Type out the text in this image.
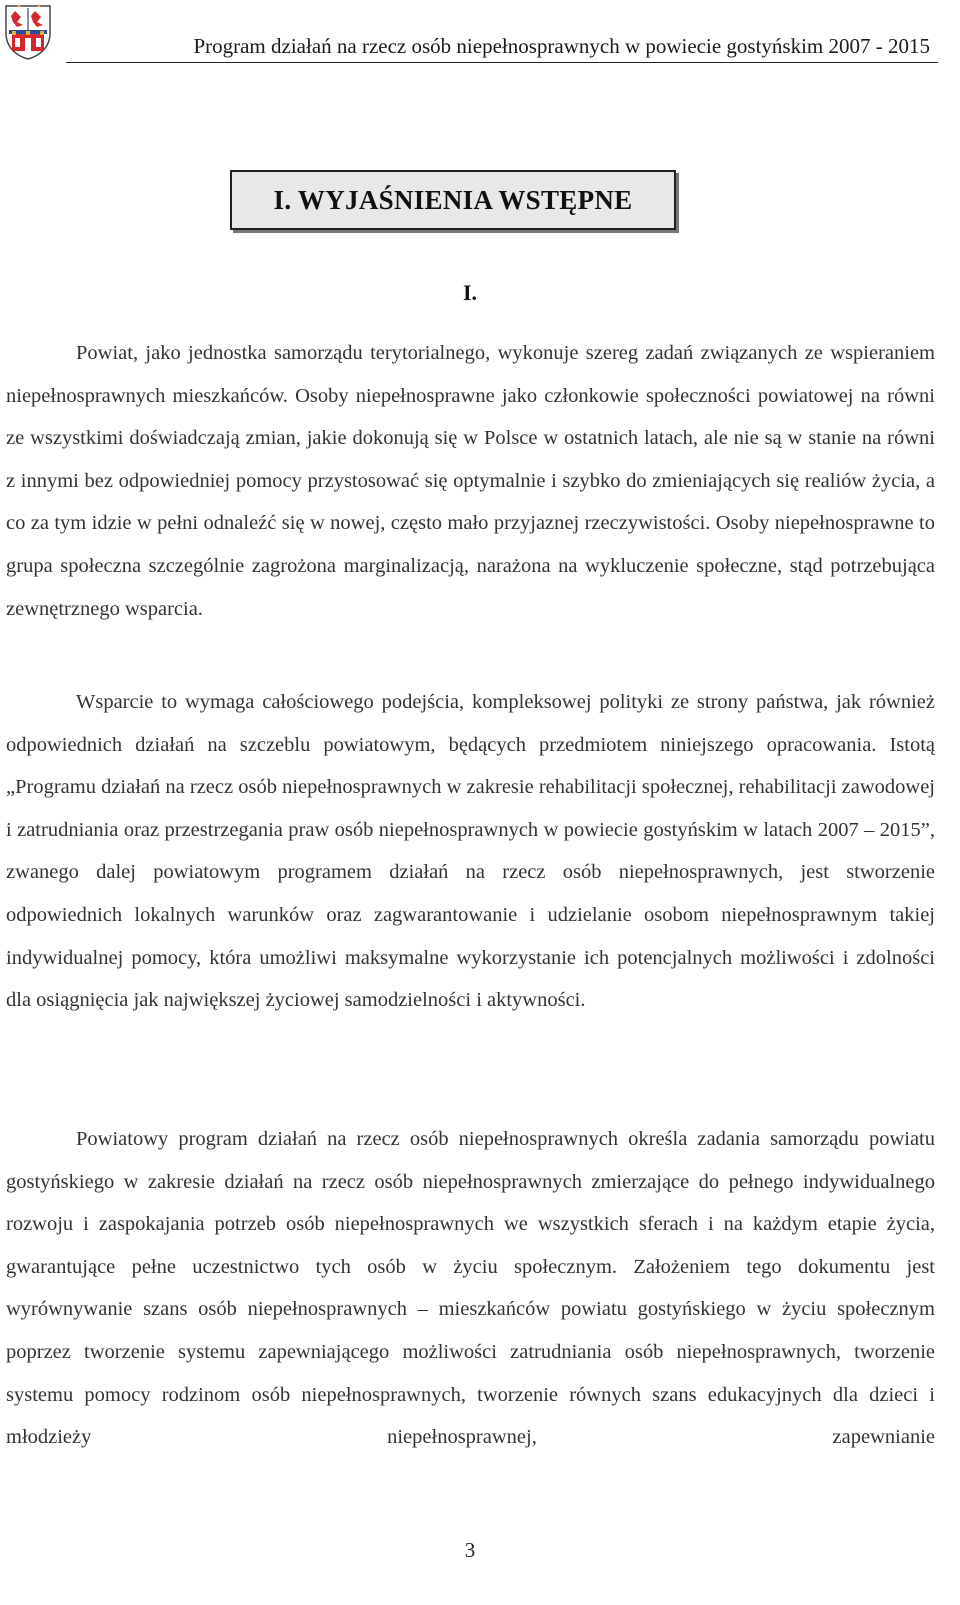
Program działań na rzecz osób niepełnosprawnych w powiecie gostyńskim 2007 - 2015
I. WYJAŚNIENIA WSTĘPNE
I.

Powiat, jako jednostka samorządu terytorialnego, wykonuje szereg zadań związanych ze wspieraniem niepełnosprawnych mieszkańców. Osoby niepełnosprawne jako członkowie społeczności powiatowej na równi ze wszystkimi doświadczają zmian, jakie dokonują się w Polsce w ostatnich latach, ale nie są w stanie na równi z innymi bez odpowiedniej pomocy przystosować się optymalnie i szybko do zmieniających się realiów życia, a co za tym idzie w pełni odnaleźć się w nowej, często mało przyjaznej rzeczywistości. Osoby niepełnosprawne to grupa społeczna szczególnie zagrożona marginalizacją, narażona na wykluczenie społeczne, stąd potrzebująca zewnętrznego wsparcia.

Wsparcie to wymaga całościowego podejścia, kompleksowej polityki ze strony państwa, jak również odpowiednich działań na szczeblu powiatowym, będących przedmiotem niniejszego opracowania. Istotą „Programu działań na rzecz osób niepełnosprawnych w zakresie rehabilitacji społecznej, rehabilitacji zawodowej i zatrudniania oraz przestrzegania praw osób niepełnosprawnych w powiecie gostyńskim w latach 2007 – 2015”, zwanego dalej powiatowym programem działań na rzecz osób niepełnosprawnych, jest stworzenie odpowiednich lokalnych warunków oraz zagwarantowanie i udzielanie osobom niepełnosprawnym takiej indywidualnej pomocy, która umożliwi maksymalne wykorzystanie ich potencjalnych możliwości i zdolności dla osiągnięcia jak największej życiowej samodzielności i aktywności.

Powiatowy program działań na rzecz osób niepełnosprawnych określa zadania samorządu powiatu gostyńskiego w zakresie działań na rzecz osób niepełnosprawnych zmierzające do pełnego indywidualnego rozwoju i zaspokajania potrzeb osób niepełnosprawnych we wszystkich sferach i na każdym etapie życia, gwarantujące pełne uczestnictwo tych osób w życiu społecznym. Założeniem tego dokumentu jest wyrównywanie szans osób niepełnosprawnych – mieszkańców powiatu gostyńskiego w życiu społecznym poprzez tworzenie systemu zapewniającego możliwości zatrudniania osób niepełnosprawnych, tworzenie systemu pomocy rodzinom osób niepełnosprawnych, tworzenie równych szans edukacyjnych dla dzieci i młodzieży niepełnosprawnej, zapewnianie

3
